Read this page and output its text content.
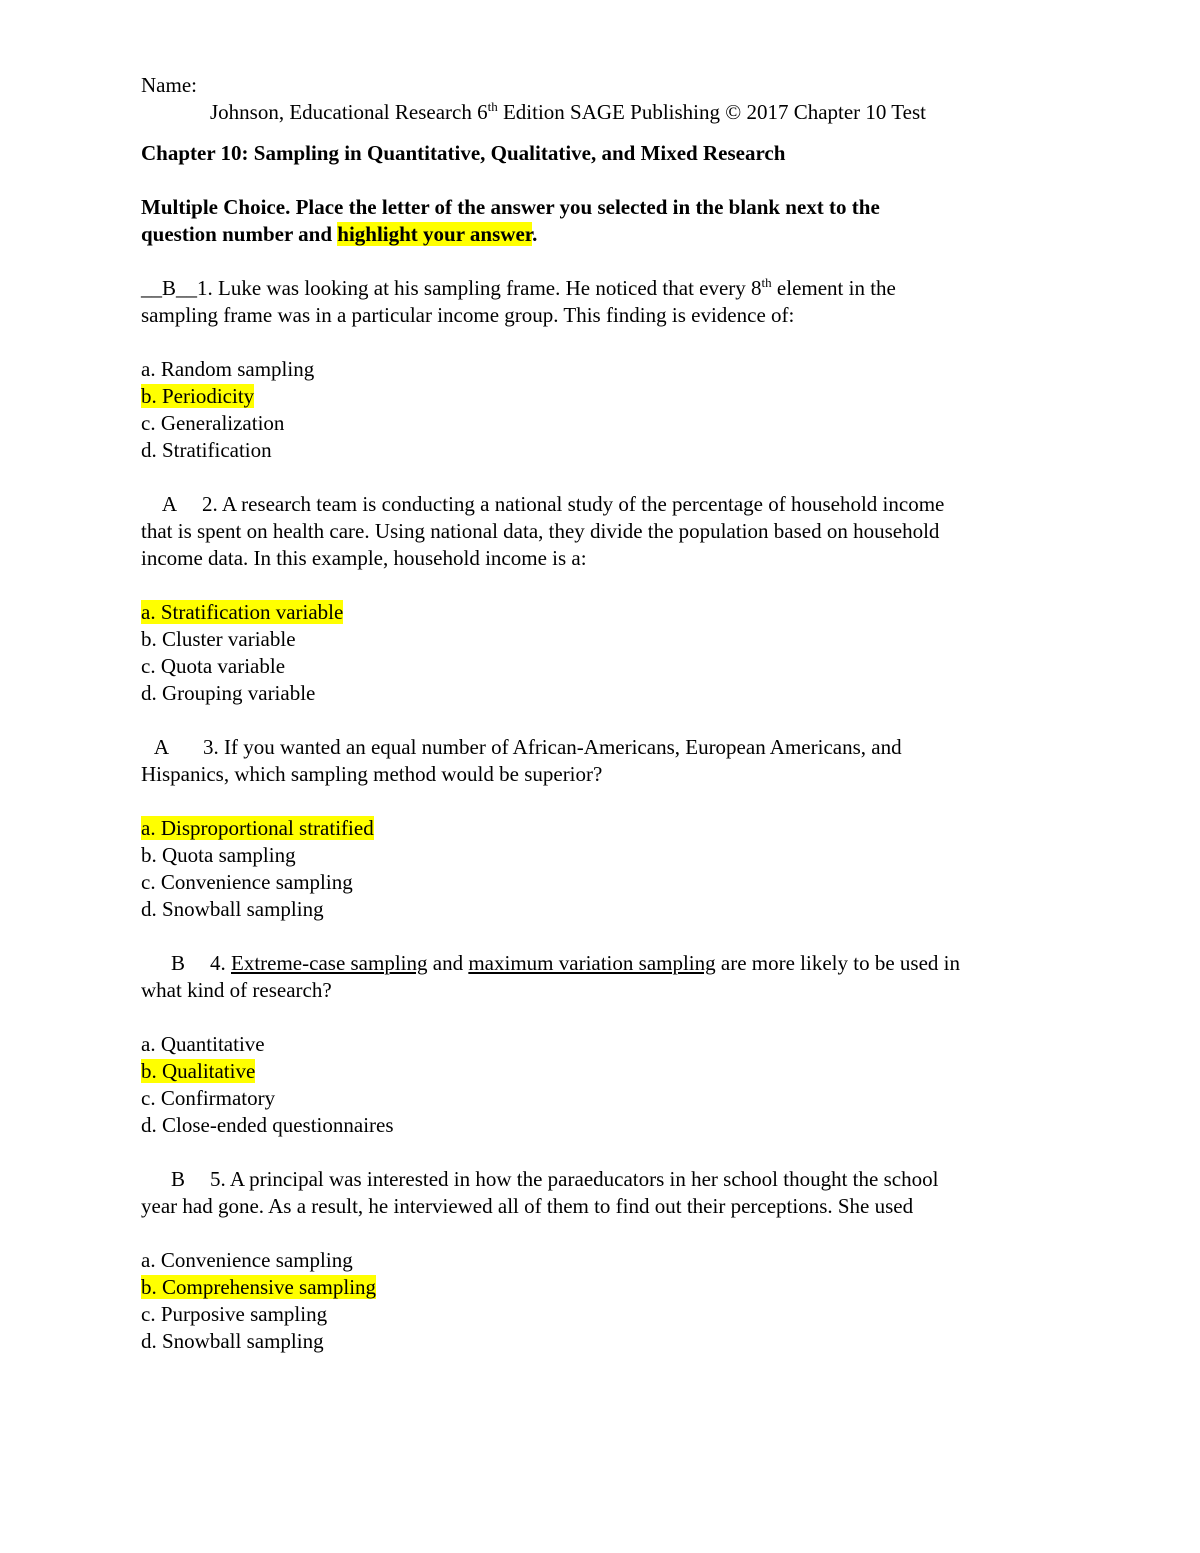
Name:
Johnson, Educational Research 6th Edition SAGE Publishing © 2017 Chapter 10 Test
Chapter 10: Sampling in Quantitative, Qualitative, and Mixed Research
Multiple Choice. Place the letter of the answer you selected in the blank next to the
question number and highlight your answer.
__B__1. Luke was looking at his sampling frame. He noticed that every 8th element in the
sampling frame was in a particular income group. This finding is evidence of:
a. Random sampling
b. Periodicity
c. Generalization
d. Stratification
A 2. A research team is conducting a national study of the percentage of household income
that is spent on health care. Using national data, they divide the population based on household
income data. In this example, household income is a:
a. Stratification variable
b. Cluster variable
c. Quota variable
d. Grouping variable
A 3. If you wanted an equal number of African-Americans, European Americans, and
Hispanics, which sampling method would be superior?
a. Disproportional stratified
b. Quota sampling
c. Convenience sampling
d. Snowball sampling
B 4. Extreme-case sampling and maximum variation sampling are more likely to be used in
what kind of research?
a. Quantitative
b. Qualitative
c. Confirmatory
d. Close-ended questionnaires
B 5. A principal was interested in how the paraeducators in her school thought the school
year had gone. As a result, he interviewed all of them to find out their perceptions. She used
a. Convenience sampling
b. Comprehensive sampling
c. Purposive sampling
d. Snowball sampling
